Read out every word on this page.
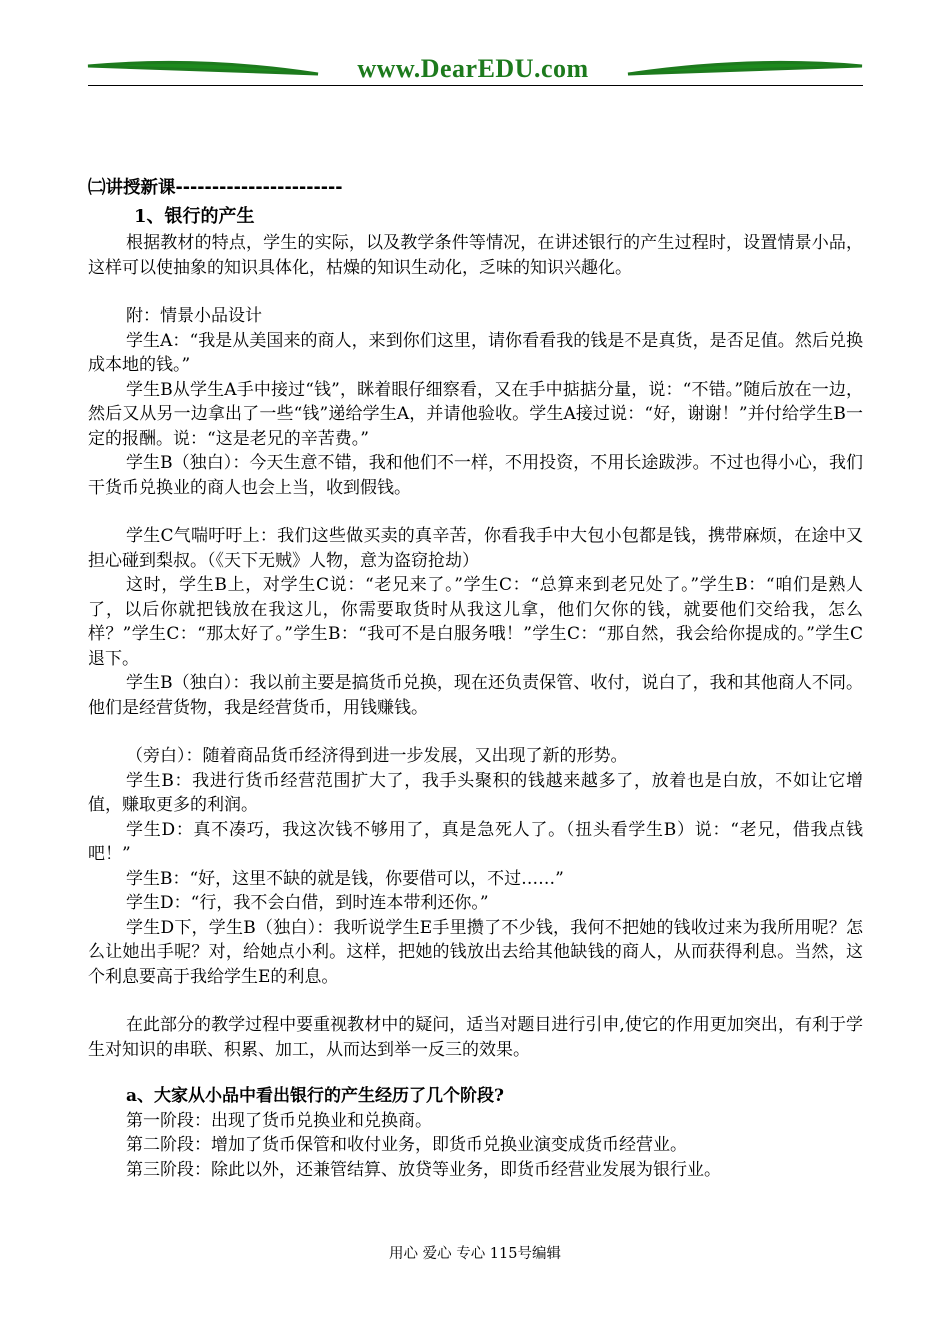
www.DearEDU.com

㈡讲授新课-----------------------

1、银行的产生

根据教材的特点，学生的实际，以及教学条件等情况，在讲述银行的产生过程时，设置情景小品，这样可以使抽象的知识具体化，枯燥的知识生动化，乏味的知识兴趣化。

附：情景小品设计

学生A：“我是从美国来的商人，来到你们这里，请你看看我的钱是不是真货，是否足值。然后兑换成本地的钱。”

学生B从学生A手中接过“钱”，眯着眼仔细察看，又在手中掂掂分量，说：“不错。”随后放在一边，然后又从另一边拿出了一些“钱”递给学生A，并请他验收。学生A接过说：“好，谢谢！”并付给学生B一定的报酬。说：“这是老兄的辛苦费。”

学生B（独白）：今天生意不错，我和他们不一样，不用投资，不用长途跋涉。不过也得小心，我们干货币兑换业的商人也会上当，收到假钱。

学生C气喘吁吁上：我们这些做买卖的真辛苦，你看我手中大包小包都是钱，携带麻烦，在途中又担心碰到梨叔。（《天下无贼》人物，意为盗窃抢劫）

这时，学生B上，对学生C说：“老兄来了。”学生C：“总算来到老兄处了。”学生B：“咱们是熟人了，以后你就把钱放在我这儿，你需要取货时从我这儿拿，他们欠你的钱，就要他们交给我，怎么样？”学生C：“那太好了。”学生B：“我可不是白服务哦！”学生C：“那自然，我会给你提成的。”学生C退下。

学生B（独白）：我以前主要是搞货币兑换，现在还负责保管、收付，说白了，我和其他商人不同。他们是经营货物，我是经营货币，用钱赚钱。

（旁白）：随着商品货币经济得到进一步发展，又出现了新的形势。

学生B：我进行货币经营范围扩大了，我手头聚积的钱越来越多了，放着也是白放，不如让它增值，赚取更多的利润。

学生D：真不凑巧，我这次钱不够用了，真是急死人了。（扭头看学生B）说：“老兄，借我点钱吧！”

学生B：“好，这里不缺的就是钱，你要借可以，不过……”

学生D：“行，我不会白借，到时连本带利还你。”

学生D下，学生B（独白）：我听说学生E手里攒了不少钱，我何不把她的钱收过来为我所用呢？怎么让她出手呢？对，给她点小利。这样，把她的钱放出去给其他缺钱的商人，从而获得利息。当然，这个利息要高于我给学生E的利息。

在此部分的教学过程中要重视教材中的疑问，适当对题目进行引申,使它的作用更加突出，有利于学生对知识的串联、积累、加工，从而达到举一反三的效果。

a、大家从小品中看出银行的产生经历了几个阶段?

第一阶段：出现了货币兑换业和兑换商。

第二阶段：增加了货币保管和收付业务，即货币兑换业演变成货币经营业。

第三阶段：除此以外，还兼管结算、放贷等业务，即货币经营业发展为银行业。

用心 爱心 专心 115号编辑
